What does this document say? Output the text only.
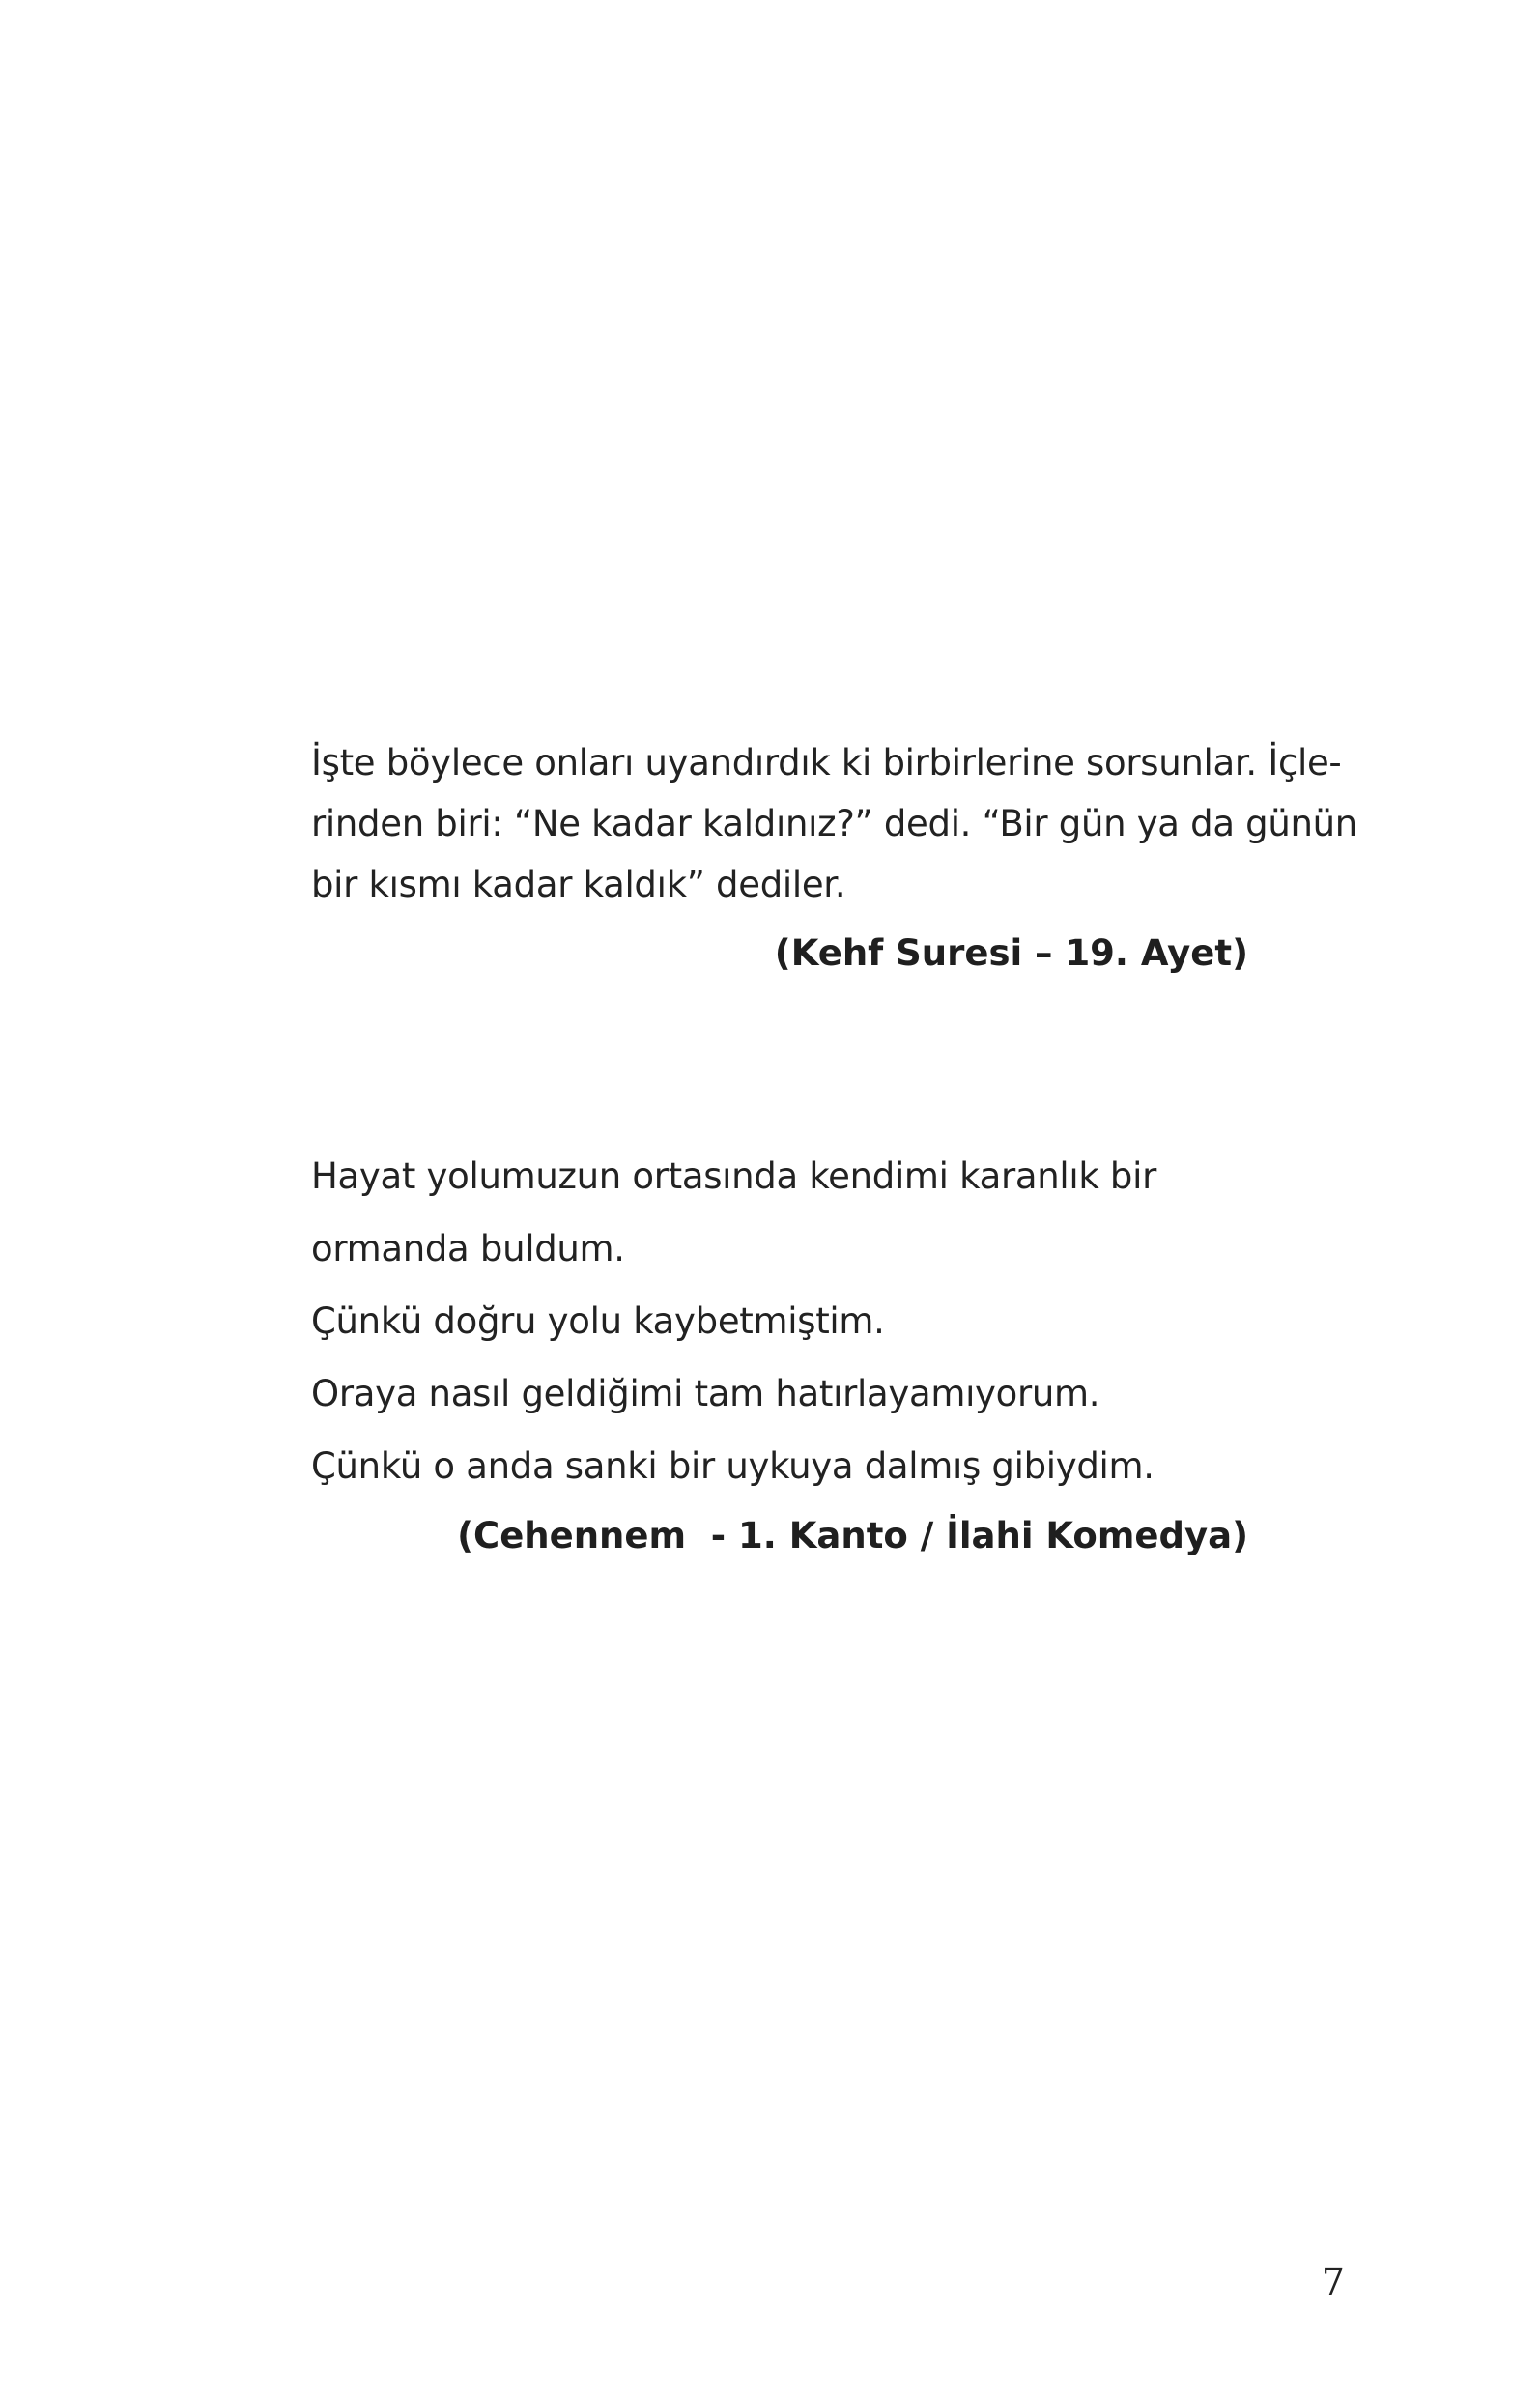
İşte böylece onları uyandırdık ki birbirlerine sorsunlar. İçle-
rinden biri: “Ne kadar kaldınız?” dedi. “Bir gün ya da günün
bir kısmı kadar kaldık” dediler.
(Kehf Suresi – 19. Ayet)
Hayat yolumuzun ortasında kendimi karanlık bir
ormanda buldum.
Çünkü doğru yolu kaybetmiştim.
Oraya nasıl geldiğimi tam hatırlayamıyorum.
Çünkü o anda sanki bir uykuya dalmış gibiydim.
(Cehennem  - 1. Kanto / İlahi Komedya)
7
